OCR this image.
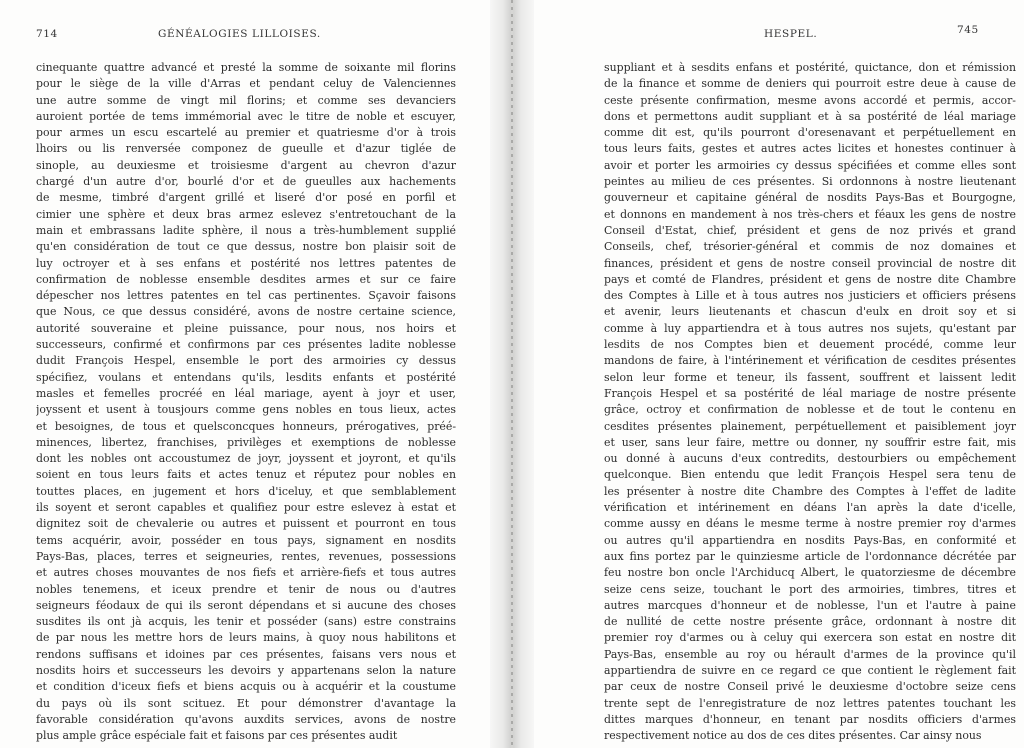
714	GÉNÉALOGIES LILLOISES.
cinequante quattre advancé et presté la somme de soixante mil florins
pour le siège de la ville d'Arras et pendant celuy de Valenciennes
une autre somme de vingt mil florins; et comme ses devanciers
auroient portée de tems immémorial avec le titre de noble et escuyer,
pour armes un escu escartelé au premier et quatriesme d'or à trois
lhoirs ou lis renversée componez de gueulle et d'azur tiglée de
sinople, au deuxiesme et troisiesme d'argent au chevron d'azur
chargé d'un autre d'or, bourlé d'or et de gueulles aux hachements
de mesme, timbré d'argent grillé et liseré d'or posé en porfil et
cimier une sphère et deux bras armez eslevez s'entretouchant de la
main et embrassans ladite sphère, il nous a très-humblement supplié
qu'en considération de tout ce que dessus, nostre bon plaisir soit de
luy octroyer et à ses enfans et postérité nos lettres patentes de
confirmation de noblesse ensemble desdites armes et sur ce faire
dépescher nos lettres patentes en tel cas pertinentes. Sçavoir faisons
que Nous, ce que dessus considéré, avons de nostre certaine science,
autorité souveraine et pleine puissance, pour nous, nos hoirs et
successeurs, confirmé et confirmons par ces présentes ladite noblesse
dudit François Hespel, ensemble le port des armoiries cy dessus
spécifiez, voulans et entendans qu'ils, lesdits enfants et postérité
masles et femelles procréé en léal mariage, ayent à joyr et user,
joyssent et usent à tousjours comme gens nobles en tous lieux, actes
et besoignes, de tous et quelsconcques honneurs, prérogatives, préé-
minences, libertez, franchises, privilèges et exemptions de noblesse
dont les nobles ont accoustumez de joyr, joyssent et joyront, et qu'ils
soient en tous leurs faits et actes tenuz et réputez pour nobles en
touttes places, en jugement et hors d'iceluy, et que semblablement
ils soyent et seront capables et qualifiez pour estre eslevez à estat et
dignitez soit de chevalerie ou autres et puissent et pourront en tous
tems acquérir, avoir, posséder en tous pays, signament en nosdits
Pays-Bas, places, terres et seigneuries, rentes, revenues, possessions
et autres choses mouvantes de nos fiefs et arrière-fiefs et tous autres
nobles tenemens, et iceux prendre et tenir de nous ou d'autres
seigneurs féodaux de qui ils seront dépendans et si aucune des choses
susdites ils ont jà acquis, les tenir et posséder (sans) estre constrains
de par nous les mettre hors de leurs mains, à quoy nous habilitons et
rendons suffisans et idoines par ces présentes, faisans vers nous et
nosdits hoirs et successeurs les devoirs y appartenans selon la nature
et condition d'iceux fiefs et biens acquis ou à acquérir et la coustume
du pays où ils sont scituez. Et pour démonstrer d'avantage la
favorable considération qu'avons auxdits services, avons de nostre
plus ample grâce espéciale fait et faisons par ces présentes audit
HESPEL.	745
suppliant et à sesdits enfans et postérité, quictance, don et rémission
de la finance et somme de deniers qui pourroit estre deue à cause de
ceste présente confirmation, mesme avons accordé et permis, accor-
dons et permettons audit suppliant et à sa postérité de léal mariage
comme dit est, qu'ils pourront d'oresenavant et perpétuellement en
tous leurs faits, gestes et autres actes licites et honestes continuer à
avoir et porter les armoiries cy dessus spécifiées et comme elles sont
peintes au milieu de ces présentes. Si ordonnons à nostre lieutenant
gouverneur et capitaine général de nosdits Pays-Bas et Bourgogne,
et donnons en mandement à nos très-chers et féaux les gens de nostre
Conseil d'Estat, chief, président et gens de noz privés et grand
Conseils, chef, trésorier-général et commis de noz domaines et
finances, président et gens de nostre conseil provincial de nostre dit
pays et comté de Flandres, président et gens de nostre dite Chambre
des Comptes à Lille et à tous autres nos justiciers et officiers présens
et avenir, leurs lieutenants et chascun d'eulx en droit soy et si
comme à luy appartiendra et à tous autres nos sujets, qu'estant par
lesdits de nos Comptes bien et deuement procédé, comme leur
mandons de faire, à l'intérinement et vérification de cesdites présentes
selon leur forme et teneur, ils fassent, souffrent et laissent ledit
François Hespel et sa postérité de léal mariage de nostre présente
grâce, octroy et confirmation de noblesse et de tout le contenu en
cesdites présentes plainement, perpétuellement et paisiblement joyr
et user, sans leur faire, mettre ou donner, ny souffrir estre fait, mis
ou donné à aucuns d'eux contredits, destourbiers ou empêchement
quelconque. Bien entendu que ledit François Hespel sera tenu de
les présenter à nostre dite Chambre des Comptes à l'effet de ladite
vérification et intérinement en déans l'an après la date d'icelle,
comme aussy en déans le mesme terme à nostre premier roy d'armes
ou autres qu'il appartiendra en nosdits Pays-Bas, en conformité et
aux fins portez par le quinziesme article de l'ordonnance décrétée par
feu nostre bon oncle l'Archiducq Albert, le quatorziesme de décembre
seize cens seize, touchant le port des armoiries, timbres, titres et
autres marcques d'honneur et de noblesse, l'un et l'autre à paine
de nullité de cette nostre présente grâce, ordonnant à nostre dit
premier roy d'armes ou à celuy qui exercera son estat en nostre dit
Pays-Bas, ensemble au roy ou hérault d'armes de la province qu'il
appartiendra de suivre en ce regard ce que contient le règlement fait
par ceux de nostre Conseil privé le deuxiesme d'octobre seize cens
trente sept de l'enregistrature de noz lettres patentes touchant les
dittes marques d'honneur, en tenant par nosdits officiers d'armes
respectivement notice au dos de ces dites présentes. Car ainsy nous
